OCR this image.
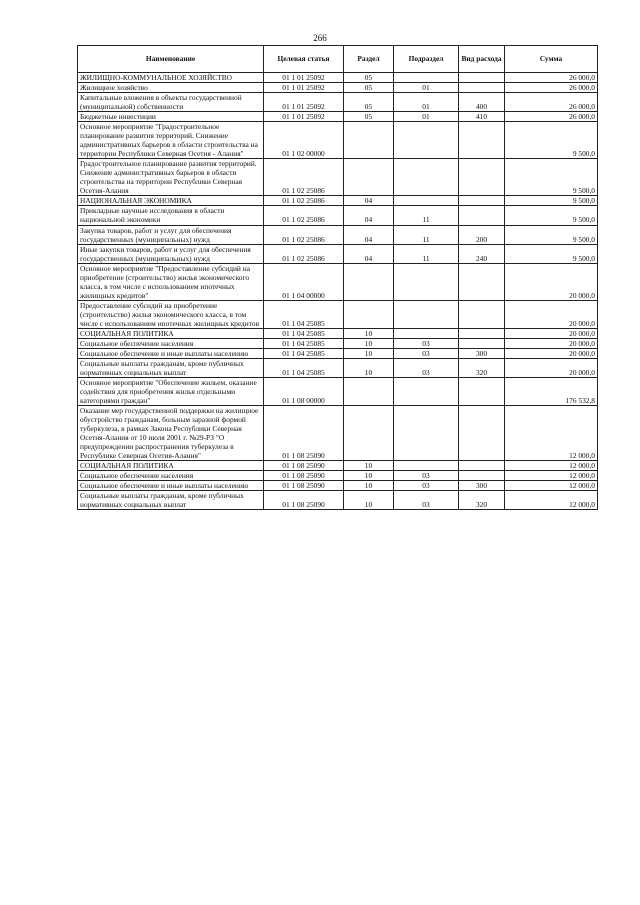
266
Наименование	Целевая статья	Раздел	Подраздел	Вид расхода	Сумма
ЖИЛИЩНО-КОММУНАЛЬНОЕ ХОЗЯЙСТВО	01 1 01 25092	05			26 000,0
Жилищное хозяйство	01 1 01 25092	05	01		26 000,0
Капитальные вложения в объекты государственной (муниципальной) собственности	01 1 01 25092	05	01	400	26 000,0
Бюджетные инвестиции	01 1 01 25092	05	01	410	26 000,0
Основное мероприятие "Градостроительное планирование развития территорий. Снижение административных барьеров в области строительства на территории Республики Северная Осетия - Алания"	01 1 02 00000				9 500,0
Градостроительное планирование развития территорий. Снижение административных барьеров в области строительства на территории Республики Северная Осетия-Алания	01 1 02 25086				9 500,0
НАЦИОНАЛЬНАЯ ЭКОНОМИКА	01 1 02 25086	04			9 500,0
Прикладные научные исследования в области национальной экономики	01 1 02 25086	04	11		9 500,0
Закупка товаров, работ и услуг для обеспечения государственных (муниципальных) нужд	01 1 02 25086	04	11	200	9 500,0
Иные закупки товаров, работ и услуг для обеспечения государственных (муниципальных) нужд	01 1 02 25086	04	11	240	9 500,0
Основное мероприятие "Предоставление субсидий на приобретение (строительство) жилья экономического класса, в том числе с использованием ипотечных жилищных кредитов"	01 1 04 00000				20 000,0
Предоставление субсидий на приобретение (строительство) жилья экономического класса, в том числе с использованием ипотечных жилищных кредитов	01 1 04 25085				20 000,0
СОЦИАЛЬНАЯ ПОЛИТИКА	01 1 04 25085	10			20 000,0
Социальное обеспечение населения	01 1 04 25085	10	03		20 000,0
Социальное обеспечение и иные выплаты населению	01 1 04 25085	10	03	300	20 000,0
Социальные выплаты гражданам, кроме публичных нормативных социальных выплат	01 1 04 25085	10	03	320	20 000,0
Основное мероприятие "Обеспечение жильем, оказание содействия для приобретения жилья отдельными категориями граждан"	01 1 08 00000				176 532,8
Оказание мер государственной поддержки на жилищное обустройство гражданам, больным заразной формой туберкулеза, в рамках Закона Республики Северная Осетия-Алания от 10 июля 2001 г. №29-РЗ "О предупреждении распространения туберкулеза в Республике Северная Осетия-Алания"	01 1 08 25090				12 000,0
СОЦИАЛЬНАЯ ПОЛИТИКА	01 1 08 25090	10			12 000,0
Социальное обеспечение населения	01 1 08 25090	10	03		12 000,0
Социальное обеспечение и иные выплаты населению	01 1 08 25090	10	03	300	12 000,0
Социальные выплаты гражданам, кроме публичных нормативных социальных выплат	01 1 08 25090	10	03	320	12 000,0
